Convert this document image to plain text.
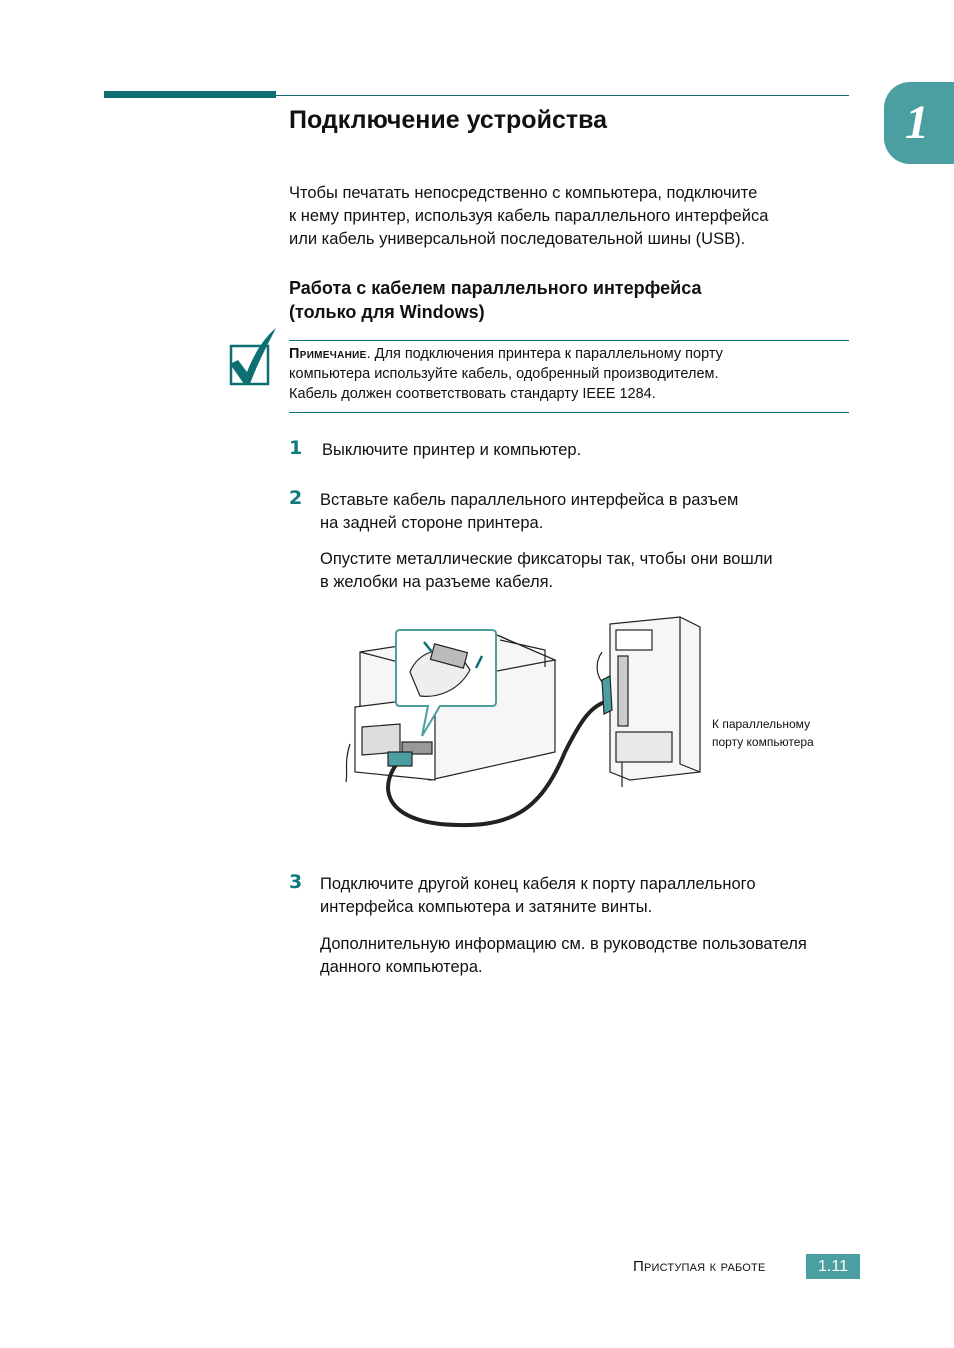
1
Подключение устройства
Чтобы печатать непосредственно с компьютера, подключите
к нему принтер, используя кабель параллельного интерфейса
или кабель универсальной последовательной шины (USB).
Работа с кабелем параллельного интерфейса
(только для Windows)
Примечание. Для подключения принтера к параллельному порту
компьютера используйте кабель, одобренный производителем.
Кабель должен соответствовать стандарту IEEE 1284.
1 Выключите принтер и компьютер.
2 Вставьте кабель параллельного интерфейса в разъем
на задней стороне принтера.
Опустите металлические фиксаторы так, чтобы они вошли
в желобки на разъеме кабеля.
К параллельному
порту компьютера
3 Подключите другой конец кабеля к порту параллельного
интерфейса компьютера и затяните винты.
Дополнительную информацию см. в руководстве пользователя
данного компьютера.
Приступая к работе	1.11
